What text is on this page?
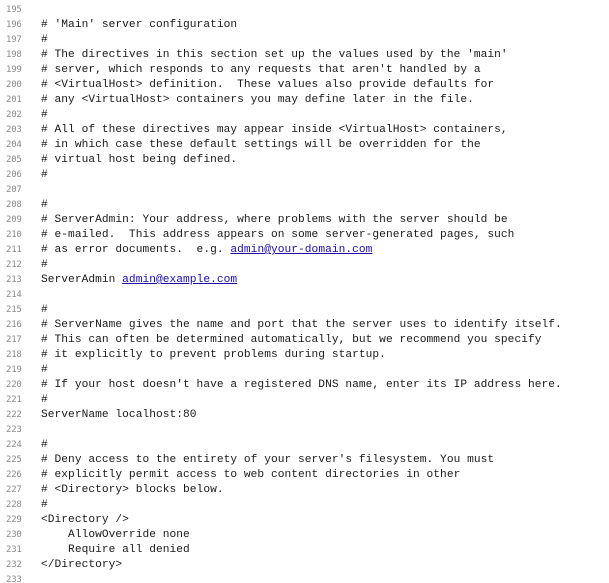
195
196	# 'Main' server configuration
197	#
198	# The directives in this section set up the values used by the 'main'
199	# server, which responds to any requests that aren't handled by a
200	# <VirtualHost> definition.  These values also provide defaults for
201	# any <VirtualHost> containers you may define later in the file.
202	#
203	# All of these directives may appear inside <VirtualHost> containers,
204	# in which case these default settings will be overridden for the
205	# virtual host being defined.
206	#
207
208	#
209	# ServerAdmin: Your address, where problems with the server should be
210	# e-mailed.  This address appears on some server-generated pages, such
211	# as error documents.  e.g. admin@your-domain.com
212	#
213	ServerAdmin admin@example.com
214
215	#
216	# ServerName gives the name and port that the server uses to identify itself.
217	# This can often be determined automatically, but we recommend you specify
218	# it explicitly to prevent problems during startup.
219	#
220	# If your host doesn't have a registered DNS name, enter its IP address here.
221	#
222	ServerName localhost:80
223
224	#
225	# Deny access to the entirety of your server's filesystem. You must
226	# explicitly permit access to web content directories in other
227	# <Directory> blocks below.
228	#
229	<Directory />
230	AllowOverride none
231	Require all denied
232	</Directory>
233
